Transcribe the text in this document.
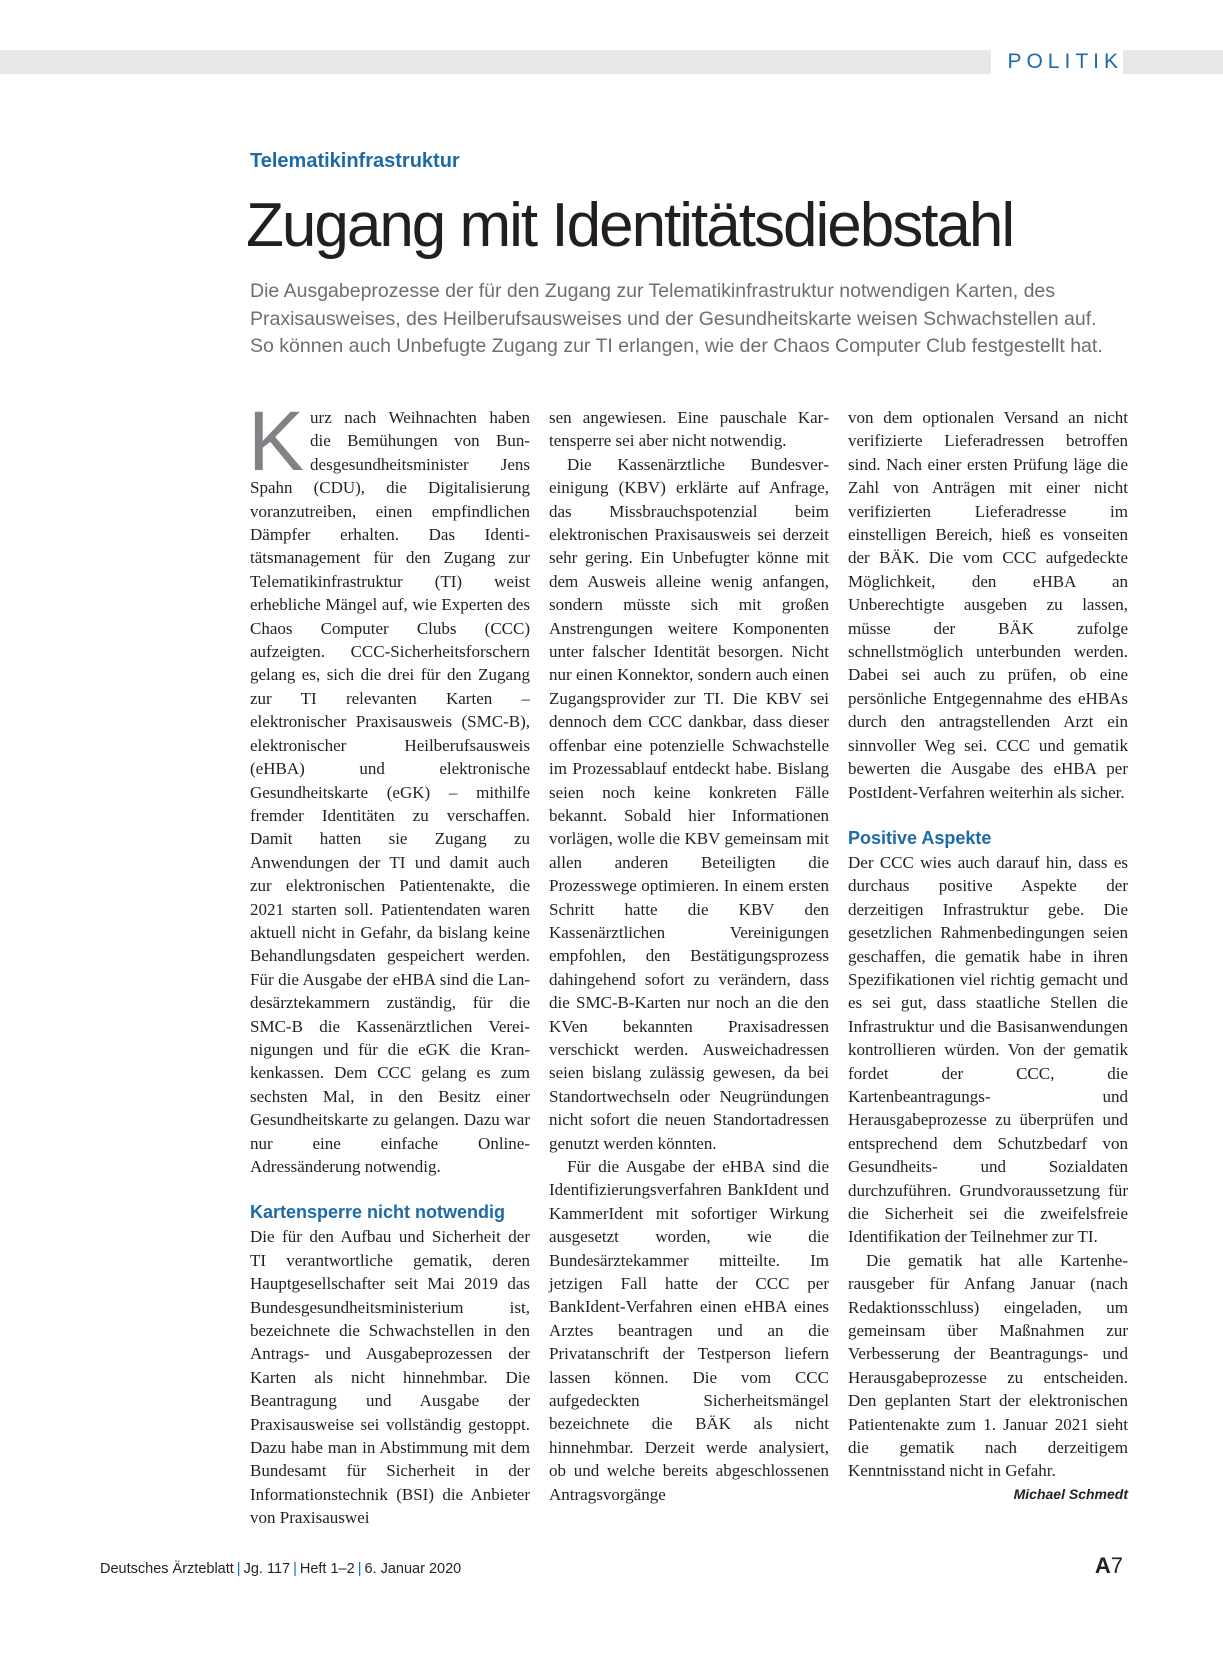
POLITIK
Telematikinfrastruktur
Zugang mit Identitätsdiebstahl

Die Ausgabeprozesse der für den Zugang zur Telematikinfrastruktur notwendigen Karten, des
Praxisausweises, des Heilberufsausweises und der Gesundheitskarte weisen Schwachstellen auf.
So können auch Unbefugte Zugang zur TI erlangen, wie der Chaos Computer Club festgestellt hat.

Kurz nach Weihnachten haben die Bemühungen von Bundesgesundheitsminister Jens Spahn (CDU), die Digitalisierung voranzutreiben, einen empfindlichen Dämpfer erhalten. Das Identitätsmanagement für den Zugang zur Telematikinfrastruktur (TI) weist erhebliche Mängel auf, wie Experten des Chaos Computer Clubs (CCC) aufzeigten. CCC-Sicherheitsforschern gelang es, sich die drei für den Zugang zur TI relevanten Karten – elektronischer Praxisausweis (SMC-B), elektronischer Heilberufsausweis (eHBA) und elektronische Gesundheitskarte (eGK) – mithilfe fremder Identitäten zu verschaffen. Damit hatten sie Zugang zu Anwendungen der TI und damit auch zur elektronischen Patientenakte, die 2021 starten soll. Patientendaten waren aktuell nicht in Gefahr, da bislang keine Behandlungsdaten gespeichert werden. Für die Ausgabe der eHBA sind die Landesärztekammern zuständig, für die SMC-B die Kassenärztlichen Vereinigungen und für die eGK die Krankenkassen. Dem CCC gelang es zum sechsten Mal, in den Besitz einer Gesundheitskarte zu gelangen. Dazu war nur eine einfache Online-Adressänderung notwendig.

Kartensperre nicht notwendig

Die für den Aufbau und Sicherheit der TI verantwortliche gematik, deren Hauptgesellschafter seit Mai 2019 das Bundesgesundheitsministerium ist, bezeichnete die Schwachstellen in den Antrags- und Ausgabeprozessen der Karten als nicht hinnehmbar. Die Beantragung und Ausgabe der Praxisausweise sei vollständig gestoppt. Dazu habe man in Abstimmung mit dem Bundesamt für Sicherheit in der Informationstechnik (BSI) die Anbieter von Praxisauswei

sen angewiesen. Eine pauschale Kartensperre sei aber nicht notwendig.

Die Kassenärztliche Bundesvereinigung (KBV) erklärte auf Anfrage, das Missbrauchspotenzial beim elektronischen Praxisausweis sei derzeit sehr gering. Ein Unbefugter könne mit dem Ausweis alleine wenig anfangen, sondern müsste sich mit großen Anstrengungen weitere Komponenten unter falscher Identität besorgen. Nicht nur einen Konnektor, sondern auch einen Zugangsprovider zur TI. Die KBV sei dennoch dem CCC dankbar, dass dieser offenbar eine potenzielle Schwachstelle im Prozessablauf entdeckt habe. Bislang seien noch keine konkreten Fälle bekannt. Sobald hier Informationen vorlägen, wolle die KBV gemeinsam mit allen anderen Beteiligten die Prozesswege optimieren. In einem ersten Schritt hatte die KBV den Kassenärztlichen Vereinigungen empfohlen, den Bestätigungsprozess dahingehend sofort zu verändern, dass die SMC-B-Karten nur noch an die den KVen bekannten Praxisadressen verschickt werden. Ausweichadressen seien bislang zulässig gewesen, da bei Standortwechseln oder Neugründungen nicht sofort die neuen Standortadressen genutzt werden könnten.

Für die Ausgabe der eHBA sind die Identifizierungsverfahren BankIdent und KammerIdent mit sofortiger Wirkung ausgesetzt worden, wie die Bundesärztekammer mitteilte. Im jetzigen Fall hatte der CCC per BankIdent-Verfahren einen eHBA eines Arztes beantragen und an die Privatanschrift der Testperson liefern lassen können. Die vom CCC aufgedeckten Sicherheitsmängel bezeichnete die BÄK als nicht hinnehmbar. Derzeit werde analysiert, ob und welche bereits abgeschlossenen Antragsvorgänge

von dem optionalen Versand an nicht verifizierte Lieferadressen betroffen sind. Nach einer ersten Prüfung läge die Zahl von Anträgen mit einer nicht verifizierten Lieferadresse im einstelligen Bereich, hieß es vonseiten der BÄK. Die vom CCC aufgedeckte Möglichkeit, den eHBA an Unberechtigte ausgeben zu lassen, müsse der BÄK zufolge schnellstmöglich unterbunden werden. Dabei sei auch zu prüfen, ob eine persönliche Entgegennahme des eHBAs durch den antragstellenden Arzt ein sinnvoller Weg sei. CCC und gematik bewerten die Ausgabe des eHBA per PostIdent-Verfahren weiterhin als sicher.

Positive Aspekte

Der CCC wies auch darauf hin, dass es durchaus positive Aspekte der derzeitigen Infrastruktur gebe. Die gesetzlichen Rahmenbedingungen seien geschaffen, die gematik habe in ihren Spezifikationen viel richtig gemacht und es sei gut, dass staatliche Stellen die Infrastruktur und die Basisanwendungen kontrollieren würden. Von der gematik fordet der CCC, die Kartenbeantragungs- und Herausgabeprozesse zu überprüfen und entsprechend dem Schutzbedarf von Gesundheits- und Sozialdaten durchzuführen. Grundvoraussetzung für die Sicherheit sei die zweifelsfreie Identifikation der Teilnehmer zur TI.

Die gematik hat alle Kartenherausgeber für Anfang Januar (nach Redaktionsschluss) eingeladen, um gemeinsam über Maßnahmen zur Verbesserung der Beantragungs- und Herausgabeprozesse zu entscheiden. Den geplanten Start der elektronischen Patientenakte zum 1. Januar 2021 sieht die gematik nach derzeitigem Kenntnisstand nicht in Gefahr.
Michael Schmedt

Deutsches Ärzteblatt | Jg. 117 | Heft 1–2 | 6. Januar 2020	A7
